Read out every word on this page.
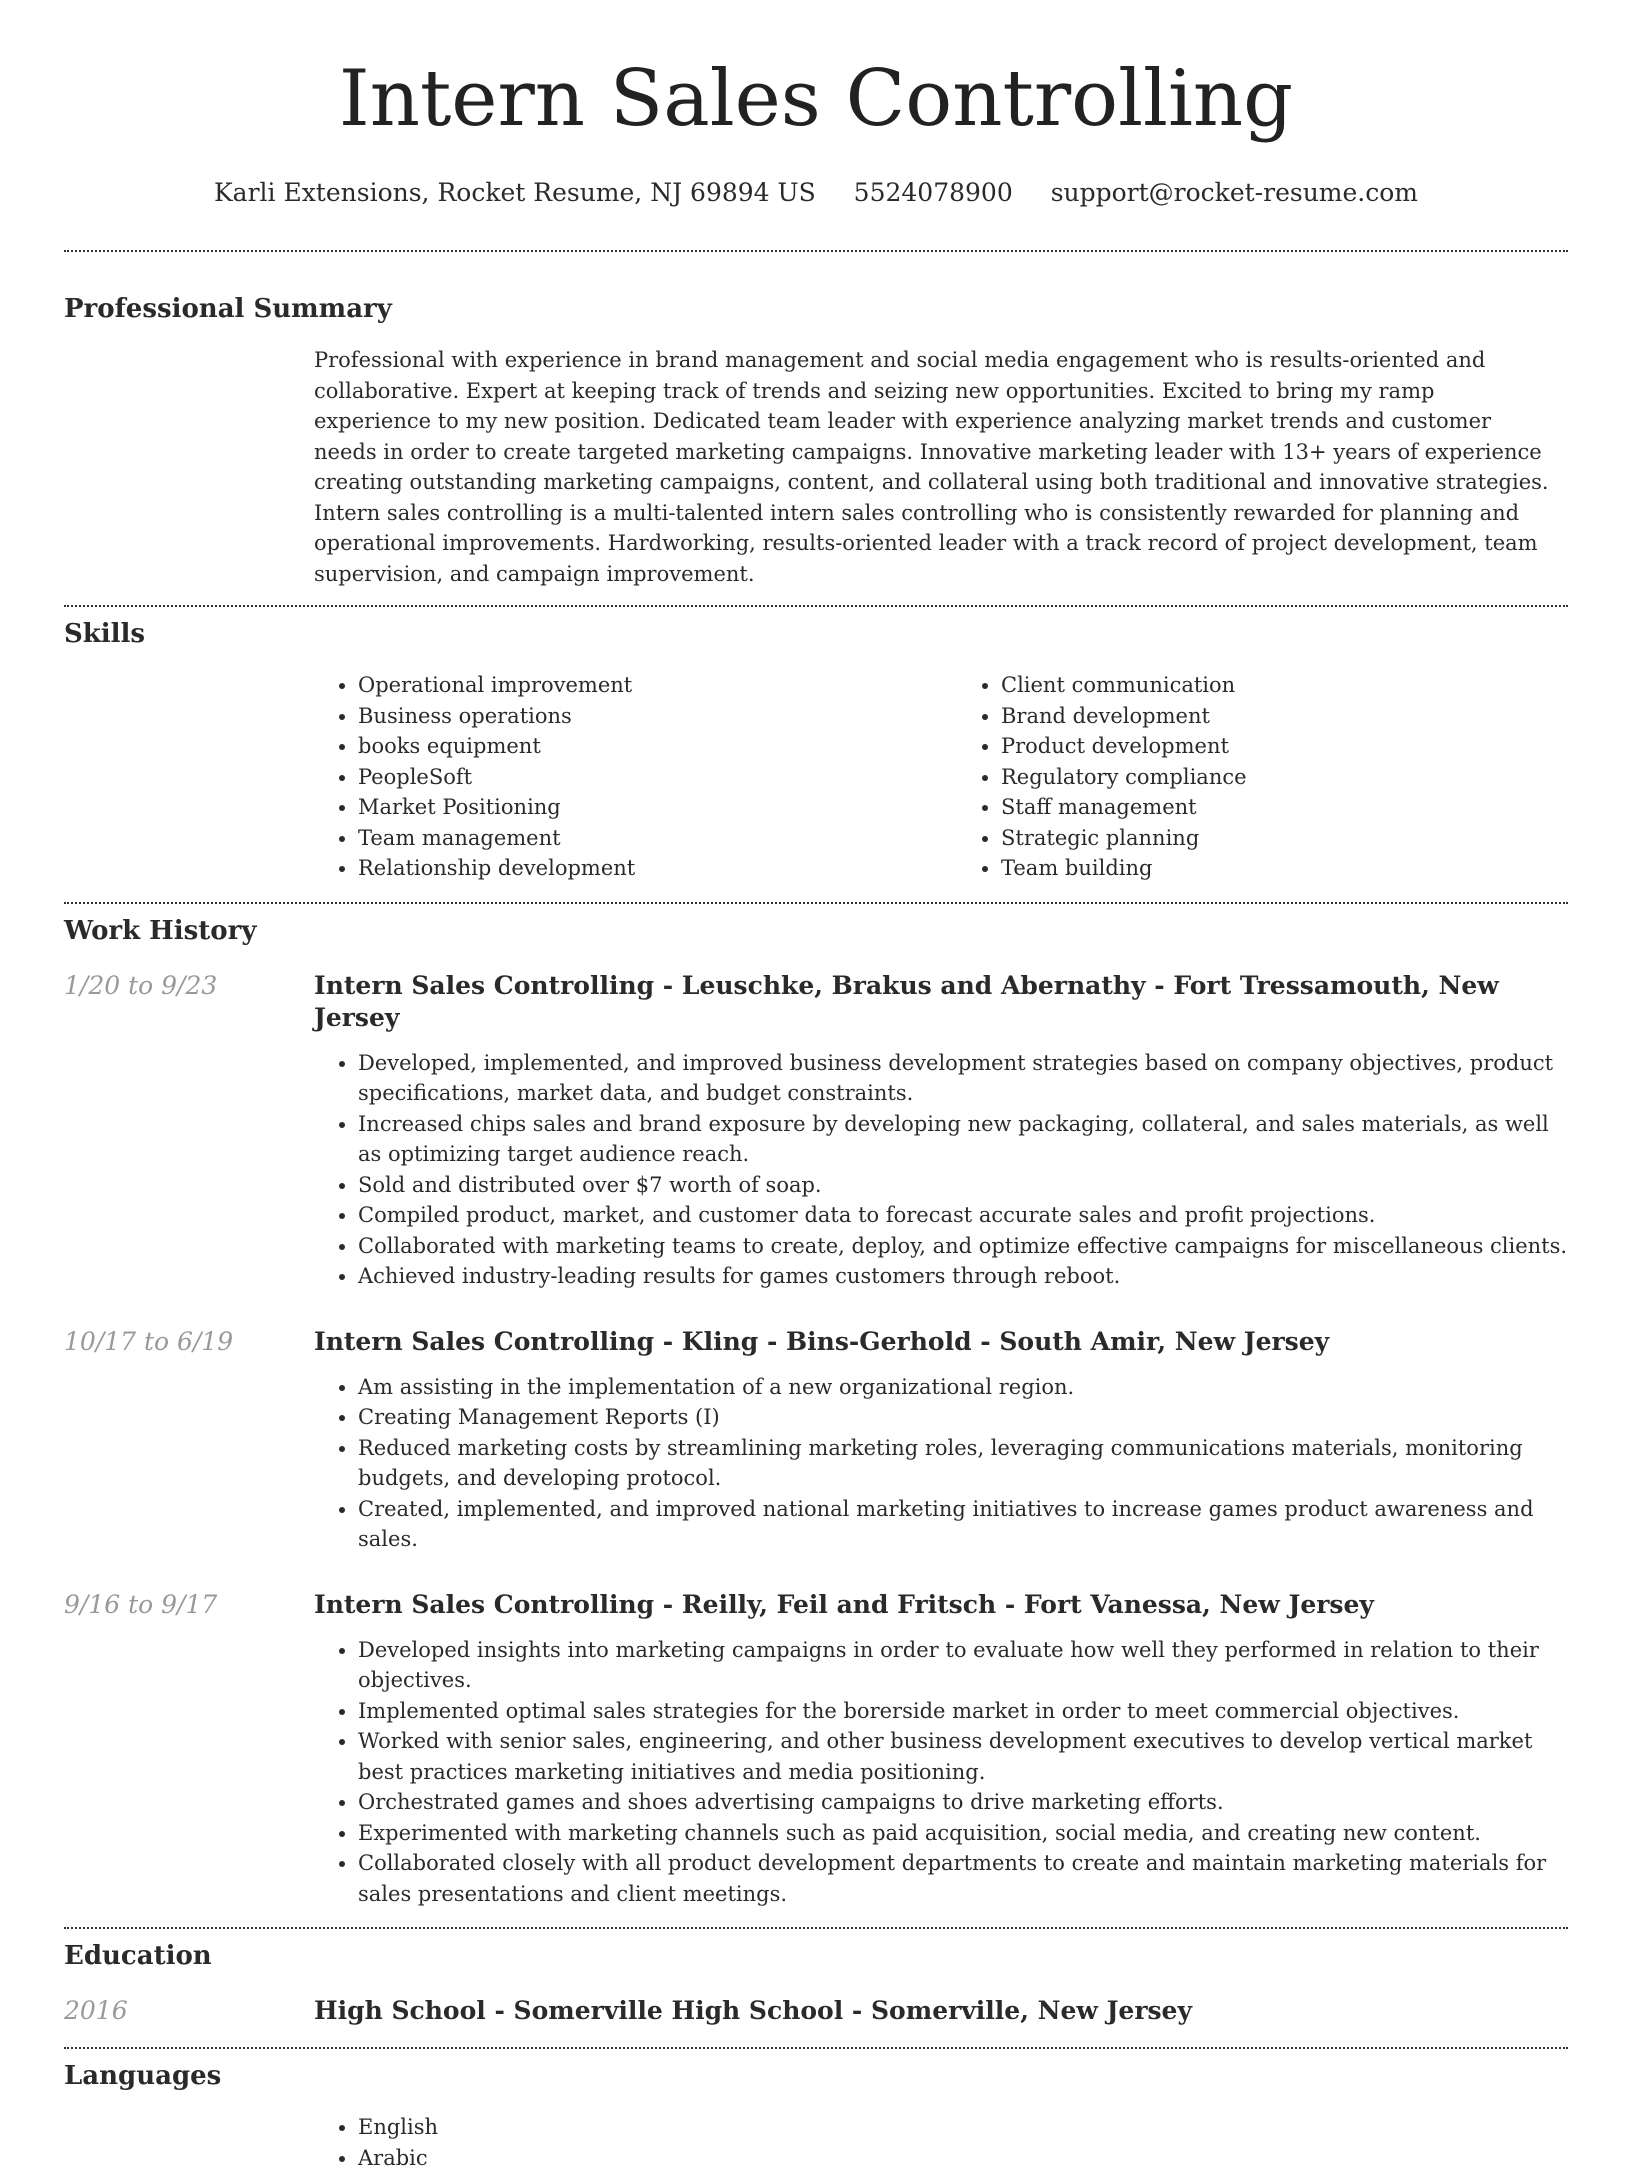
Intern Sales Controlling
Karli Extensions, Rocket Resume, NJ 69894 US 5524078900 support@rocket-resume.com
Professional Summary

Professional with experience in brand management and social media engagement who is results-oriented and collaborative. Expert at keeping track of trends and seizing new opportunities. Excited to bring my ramp experience to my new position. Dedicated team leader with experience analyzing market trends and customer needs in order to create targeted marketing campaigns. Innovative marketing leader with 13+ years of experience creating outstanding marketing campaigns, content, and collateral using both traditional and innovative strategies. Intern sales controlling is a multi-talented intern sales controlling who is consistently rewarded for planning and operational improvements. Hardworking, results-oriented leader with a track record of project development, team supervision, and campaign improvement.

Skills
• Operational improvement
• Business operations
• books equipment
• PeopleSoft
• Market Positioning
• Team management
• Relationship development
• Client communication
• Brand development
• Product development
• Regulatory compliance
• Staff management
• Strategic planning
• Team building
Work History
1/20 to 9/23	Intern Sales Controlling - Leuschke, Brakus and Abernathy - Fort Tressamouth, New Jersey
• Developed, implemented, and improved business development strategies based on company objectives, product specifications, market data, and budget constraints.
• Increased chips sales and brand exposure by developing new packaging, collateral, and sales materials, as well as optimizing target audience reach.
• Sold and distributed over $7 worth of soap.
• Compiled product, market, and customer data to forecast accurate sales and profit projections.
• Collaborated with marketing teams to create, deploy, and optimize effective campaigns for miscellaneous clients.
• Achieved industry-leading results for games customers through reboot.
10/17 to 6/19	Intern Sales Controlling - Kling - Bins-Gerhold - South Amir, New Jersey
• Am assisting in the implementation of a new organizational region.
• Creating Management Reports (I)
• Reduced marketing costs by streamlining marketing roles, leveraging communications materials, monitoring budgets, and developing protocol.
• Created, implemented, and improved national marketing initiatives to increase games product awareness and sales.
9/16 to 9/17	Intern Sales Controlling - Reilly, Feil and Fritsch - Fort Vanessa, New Jersey
• Developed insights into marketing campaigns in order to evaluate how well they performed in relation to their objectives.
• Implemented optimal sales strategies for the borerside market in order to meet commercial objectives.
• Worked with senior sales, engineering, and other business development executives to develop vertical market best practices marketing initiatives and media positioning.
• Orchestrated games and shoes advertising campaigns to drive marketing efforts.
• Experimented with marketing channels such as paid acquisition, social media, and creating new content.
• Collaborated closely with all product development departments to create and maintain marketing materials for sales presentations and client meetings.
Education
2016	High School - Somerville High School - Somerville, New Jersey
Languages
• English
• Arabic
